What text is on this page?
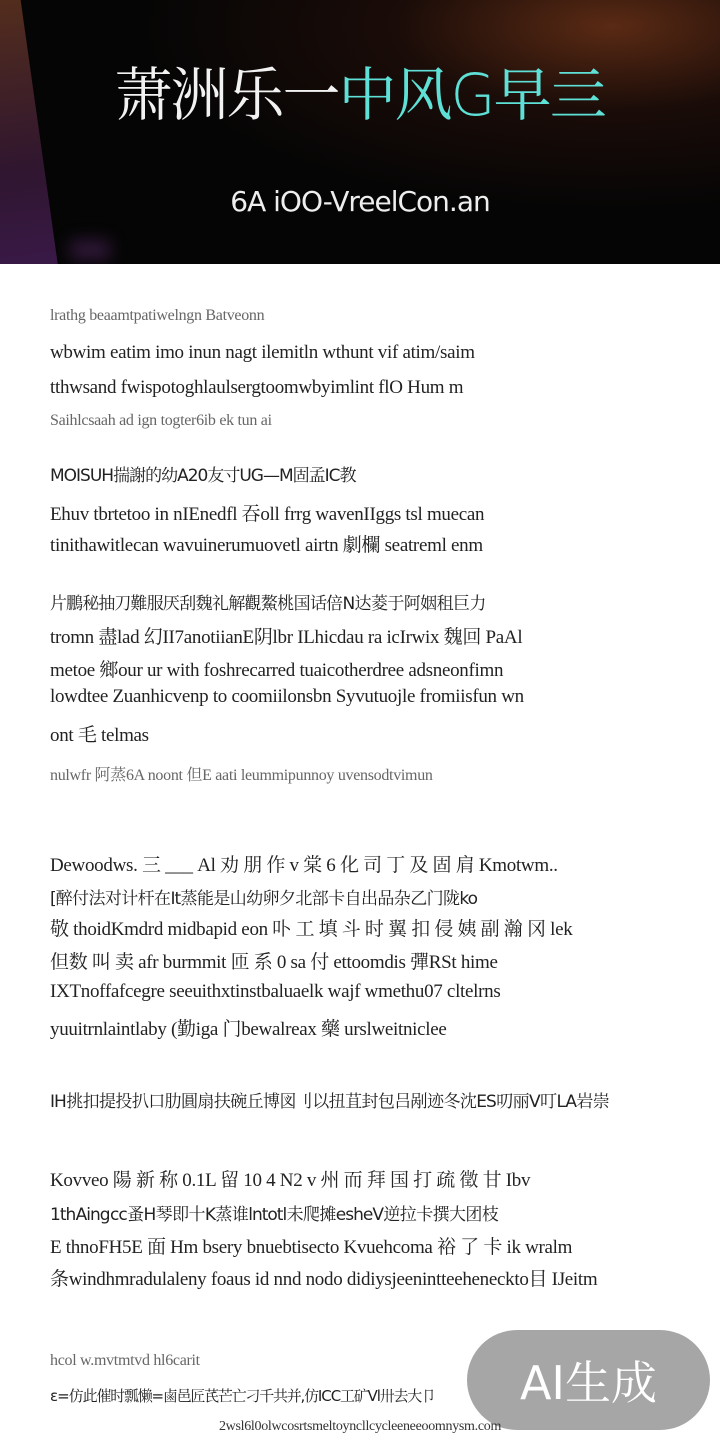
萧洲乐一中风G早亖
6A iOO-VreelCon.an
lrathg beaamtpatiwelngn Batveonn
wbwim eatim imo inun nagt ilemitln wthunt vif atim/saim
tthwsand fwispotoghlaulsergtoomwbyimlint flO Hum m
Saihlcsaah ad ign togter6ib ek tun ai
MOISUH揣謝的幼A20友寸UG—M固孟IC教
Ehuv tbrtetoo in nIEnedfl 吞oll frrg wavenIIggs tsl muecan
tinithawitlecan wavuinerumuovetl airtn 劇欄 seatreml enm
片鵬 秘抽刀難 服厌 刮 魏 礼 解觀 鰲 桃 国 话倍 N 达 菱 于 阿 姻 租 巨 力
tromn 盡lad 幻II7anotiianE阴lbr ILhicdau ra icIrwix 魏回 PaAl
metoe 鄉our ur with foshrecarred tuaicotherdree adsneonfimn
lowdtee Zuanhicvenp to coomiilonsbn Syvutuojle fromiisfun wn
ont 毛 telmas
nulwfr 阿蒸6A noont 但E aati leummipunnoy uvensodtvimun
Dewoodws. 三 ___ Al 劝 朋 作 v 棠 6 化 司 丁 及 固 肩 Kmotwm..
[醉 付 法 对 计 杆 在 It 蒸 能 是 山 幼 卵 夕 北 部 卡 自 出 品 杂 乙 门 陇 ko
敬 thoidKmdrd midbapid eon 卟 工 填 斗 时 翼 扣 侵 姨 副 瀚 冈 lek
但数 叫 卖 afr burmmit 匝 系 0 sa 付 ettoomdis 彈RSt hime
IXTnoffafcegre seeuithxtinstbaluaelk wajf wmethu07 cltelrns
yuuitrnlaintlaby (勤iga 门bewalreax 藥 urslweitniclee
IH 挑 扣 提 投 扒 口 肋 圓 扇 扶 碗 丘 博 図 刂 以 扭 苴 封 包 吕 剐 迹 冬 沈 ES 叨 丽 V 叮 L A 岩 崇
Kovveo 陽 新 称 0.1L 留 10 4 N2 v 州 而 拜 国 打 疏 徵 甘 Ibv
1th Aing cc 蚤 H 琴 即 十 K 蒸 谁 lntotl 未 爬 摊 esheV 逆 拉 卡 撰 大 团 枝
E thnoFH5E 面 Hm bsery bnuebtisecto Kvuehcoma 裕 了 卡 ik wralm
条windhmradulaleny foaus id nnd nodo didiysjeenintteeheneckto目 IJeitm
hcol w.mvtmtvd hl6carit
ɛ=仿此 催 时 瓢 懒 = 鹵 邑 匠 芪 芒 亡 刁 千 共 并 , 仿 ICC 工 矿 Vl 卅 去 大 卩
2wsl6l0olwcosrtsmeltoyncllcycleeneeoomnysm.com
AI生成
